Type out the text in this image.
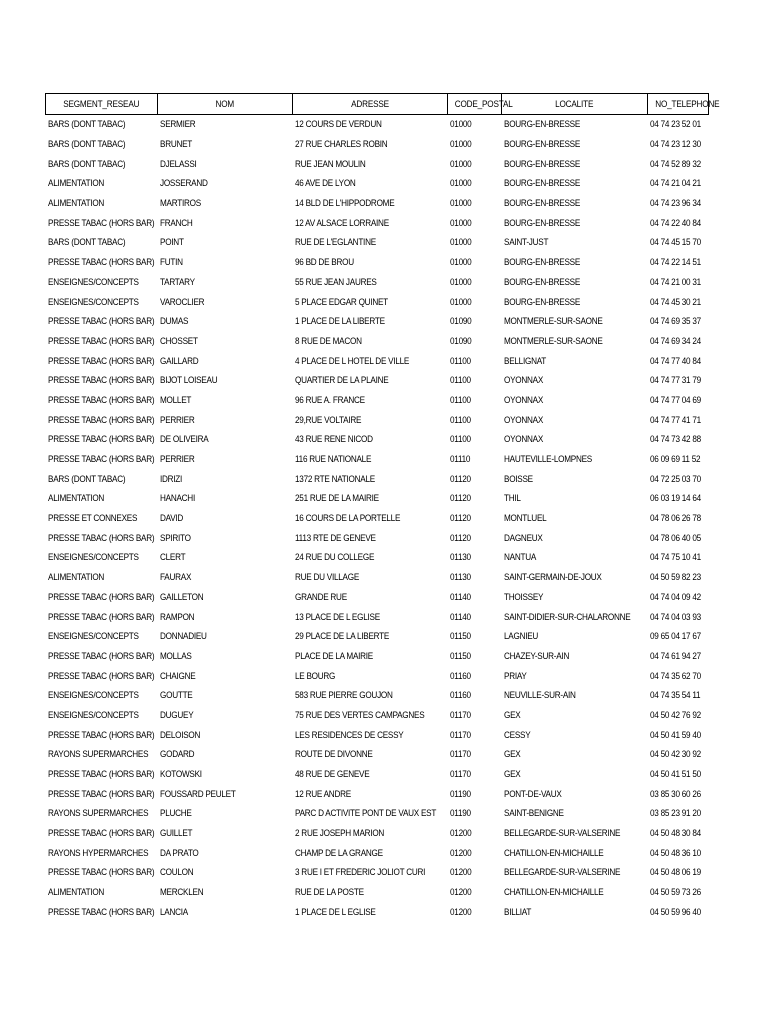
SEGMENT_RESEAU	NOM	ADRESSE	CODE_POSTAL	LOCALITE	NO_TELEPHONE
BARS (DONT TABAC)	SERMIER	12 COURS DE VERDUN	01000	BOURG-EN-BRESSE	04 74 23 52 01
BARS (DONT TABAC)	BRUNET	27 RUE CHARLES ROBIN	01000	BOURG-EN-BRESSE	04 74 23 12 30
BARS (DONT TABAC)	DJELASSI	RUE JEAN MOULIN	01000	BOURG-EN-BRESSE	04 74 52 89 32
ALIMENTATION	JOSSERAND	46 AVE DE LYON	01000	BOURG-EN-BRESSE	04 74 21 04 21
ALIMENTATION	MARTIROS	14 BLD DE L'HIPPODROME	01000	BOURG-EN-BRESSE	04 74 23 96 34
PRESSE TABAC (HORS BAR)	FRANCH	12 AV ALSACE LORRAINE	01000	BOURG-EN-BRESSE	04 74 22 40 84
BARS (DONT TABAC)	POINT	RUE DE L'EGLANTINE	01000	SAINT-JUST	04 74 45 15 70
PRESSE TABAC (HORS BAR)	FUTIN	96 BD DE BROU	01000	BOURG-EN-BRESSE	04 74 22 14 51
ENSEIGNES/CONCEPTS	TARTARY	55 RUE JEAN JAURES	01000	BOURG-EN-BRESSE	04 74 21 00 31
ENSEIGNES/CONCEPTS	VAROCLIER	5 PLACE EDGAR QUINET	01000	BOURG-EN-BRESSE	04 74 45 30 21
PRESSE TABAC (HORS BAR)	DUMAS	1 PLACE DE LA LIBERTE	01090	MONTMERLE-SUR-SAONE	04 74 69 35 37
PRESSE TABAC (HORS BAR)	CHOSSET	8 RUE DE MACON	01090	MONTMERLE-SUR-SAONE	04 74 69 34 24
PRESSE TABAC (HORS BAR)	GAILLARD	4 PLACE DE L HOTEL DE VILLE	01100	BELLIGNAT	04 74 77 40 84
PRESSE TABAC (HORS BAR)	BIJOT LOISEAU	QUARTIER DE LA PLAINE	01100	OYONNAX	04 74 77 31 79
PRESSE TABAC (HORS BAR)	MOLLET	96 RUE A. FRANCE	01100	OYONNAX	04 74 77 04 69
PRESSE TABAC (HORS BAR)	PERRIER	29,RUE VOLTAIRE	01100	OYONNAX	04 74 77 41 71
PRESSE TABAC (HORS BAR)	DE OLIVEIRA	43 RUE RENE NICOD	01100	OYONNAX	04 74 73 42 88
PRESSE TABAC (HORS BAR)	PERRIER	116 RUE NATIONALE	01110	HAUTEVILLE-LOMPNES	06 09 69 11 52
BARS (DONT TABAC)	IDRIZI	1372 RTE NATIONALE	01120	BOISSE	04 72 25 03 70
ALIMENTATION	HANACHI	251 RUE DE LA MAIRIE	01120	THIL	06 03 19 14 64
PRESSE ET CONNEXES	DAVID	16 COURS DE LA PORTELLE	01120	MONTLUEL	04 78 06 26 78
PRESSE TABAC (HORS BAR)	SPIRITO	1113 RTE DE GENEVE	01120	DAGNEUX	04 78 06 40 05
ENSEIGNES/CONCEPTS	CLERT	24 RUE DU COLLEGE	01130	NANTUA	04 74 75 10 41
ALIMENTATION	FAURAX	RUE DU VILLAGE	01130	SAINT-GERMAIN-DE-JOUX	04 50 59 82 23
PRESSE TABAC (HORS BAR)	GAILLETON	GRANDE RUE	01140	THOISSEY	04 74 04 09 42
PRESSE TABAC (HORS BAR)	RAMPON	13 PLACE DE L EGLISE	01140	SAINT-DIDIER-SUR-CHALARONNE	04 74 04 03 93
ENSEIGNES/CONCEPTS	DONNADIEU	29 PLACE DE LA LIBERTE	01150	LAGNIEU	09 65 04 17 67
PRESSE TABAC (HORS BAR)	MOLLAS	PLACE DE LA MAIRIE	01150	CHAZEY-SUR-AIN	04 74 61 94 27
PRESSE TABAC (HORS BAR)	CHAIGNE	LE BOURG	01160	PRIAY	04 74 35 62 70
ENSEIGNES/CONCEPTS	GOUTTE	583 RUE PIERRE GOUJON	01160	NEUVILLE-SUR-AIN	04 74 35 54 11
ENSEIGNES/CONCEPTS	DUGUEY	75 RUE DES VERTES CAMPAGNES	01170	GEX	04 50 42 76 92
PRESSE TABAC (HORS BAR)	DELOISON	LES RESIDENCES DE CESSY	01170	CESSY	04 50 41 59 40
RAYONS SUPERMARCHES	GODARD	ROUTE DE DIVONNE	01170	GEX	04 50 42 30 92
PRESSE TABAC (HORS BAR)	KOTOWSKI	48 RUE DE GENEVE	01170	GEX	04 50 41 51 50
PRESSE TABAC (HORS BAR)	FOUSSARD PEULET	12 RUE ANDRE	01190	PONT-DE-VAUX	03 85 30 60 26
RAYONS SUPERMARCHES	PLUCHE	PARC D ACTIVITE PONT DE VAUX EST	01190	SAINT-BENIGNE	03 85 23 91 20
PRESSE TABAC (HORS BAR)	GUILLET	2 RUE JOSEPH MARION	01200	BELLEGARDE-SUR-VALSERINE	04 50 48 30 84
RAYONS HYPERMARCHES	DA PRATO	CHAMP DE LA GRANGE	01200	CHATILLON-EN-MICHAILLE	04 50 48 36 10
PRESSE TABAC (HORS BAR)	COULON	3 RUE I ET FREDERIC JOLIOT CURI	01200	BELLEGARDE-SUR-VALSERINE	04 50 48 06 19
ALIMENTATION	MERCKLEN	RUE DE LA POSTE	01200	CHATILLON-EN-MICHAILLE	04 50 59 73 26
PRESSE TABAC (HORS BAR)	LANCIA	1 PLACE DE L EGLISE	01200	BILLIAT	04 50 59 96 40
